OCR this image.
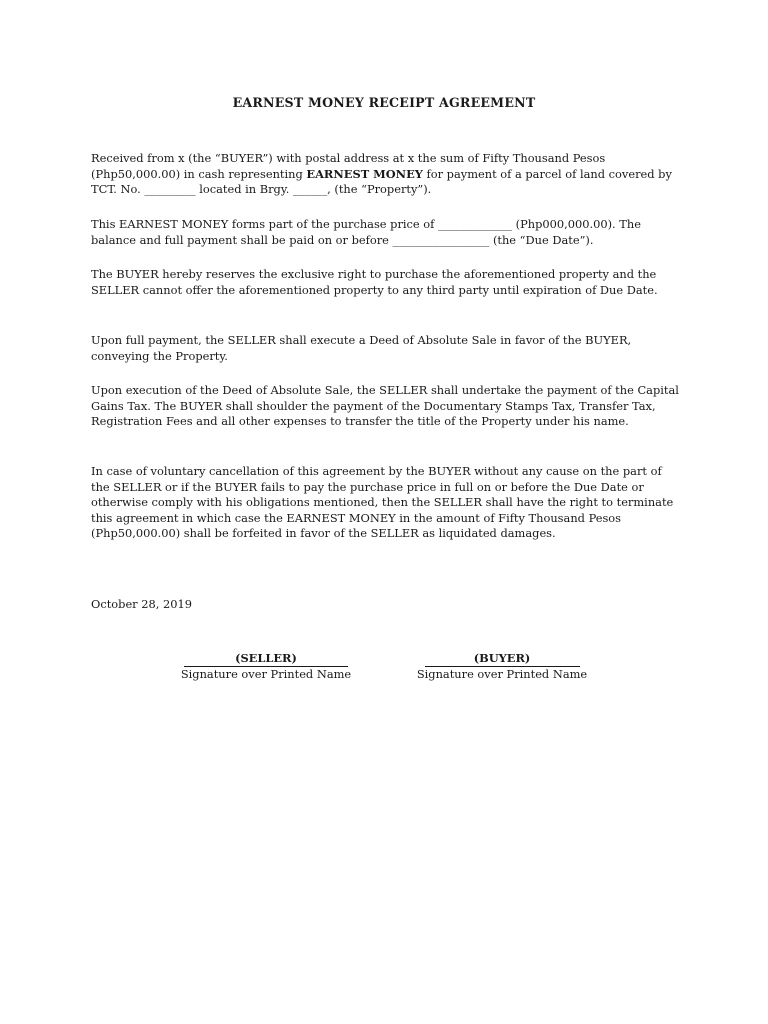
EARNEST MONEY RECEIPT AGREEMENT

Received from x (the “BUYER”) with postal address at x the sum of Fifty Thousand Pesos (Php50,000.00) in cash representing EARNEST MONEY for payment of a parcel of land covered by TCT. No. _________ located in Brgy. ______, (the “Property”).

This EARNEST MONEY forms part of the purchase price of _____________ (Php000,000.00). The balance and full payment shall be paid on or before _________________ (the “Due Date”).

The BUYER hereby reserves the exclusive right to purchase the aforementioned property and the SELLER cannot offer the aforementioned property to any third party until expiration of Due Date.

Upon full payment, the SELLER shall execute a Deed of Absolute Sale in favor of the BUYER, conveying the Property.

Upon execution of the Deed of Absolute Sale, the SELLER shall undertake the payment of the Capital Gains Tax. The BUYER shall shoulder the payment of the Documentary Stamps Tax, Transfer Tax, Registration Fees and all other expenses to transfer the title of the Property under his name.

In case of voluntary cancellation of this agreement by the BUYER without any cause on the part of the SELLER or if the BUYER fails to pay the purchase price in full on or before the Due Date or otherwise comply with his obligations mentioned, then the SELLER shall have the right to terminate this agreement in which case the EARNEST MONEY in the amount of Fifty Thousand Pesos (Php50,000.00) shall be forfeited in favor of the SELLER as liquidated damages.

October 28, 2019
(SELLER)
Signature over Printed Name
(BUYER)
Signature over Printed Name
